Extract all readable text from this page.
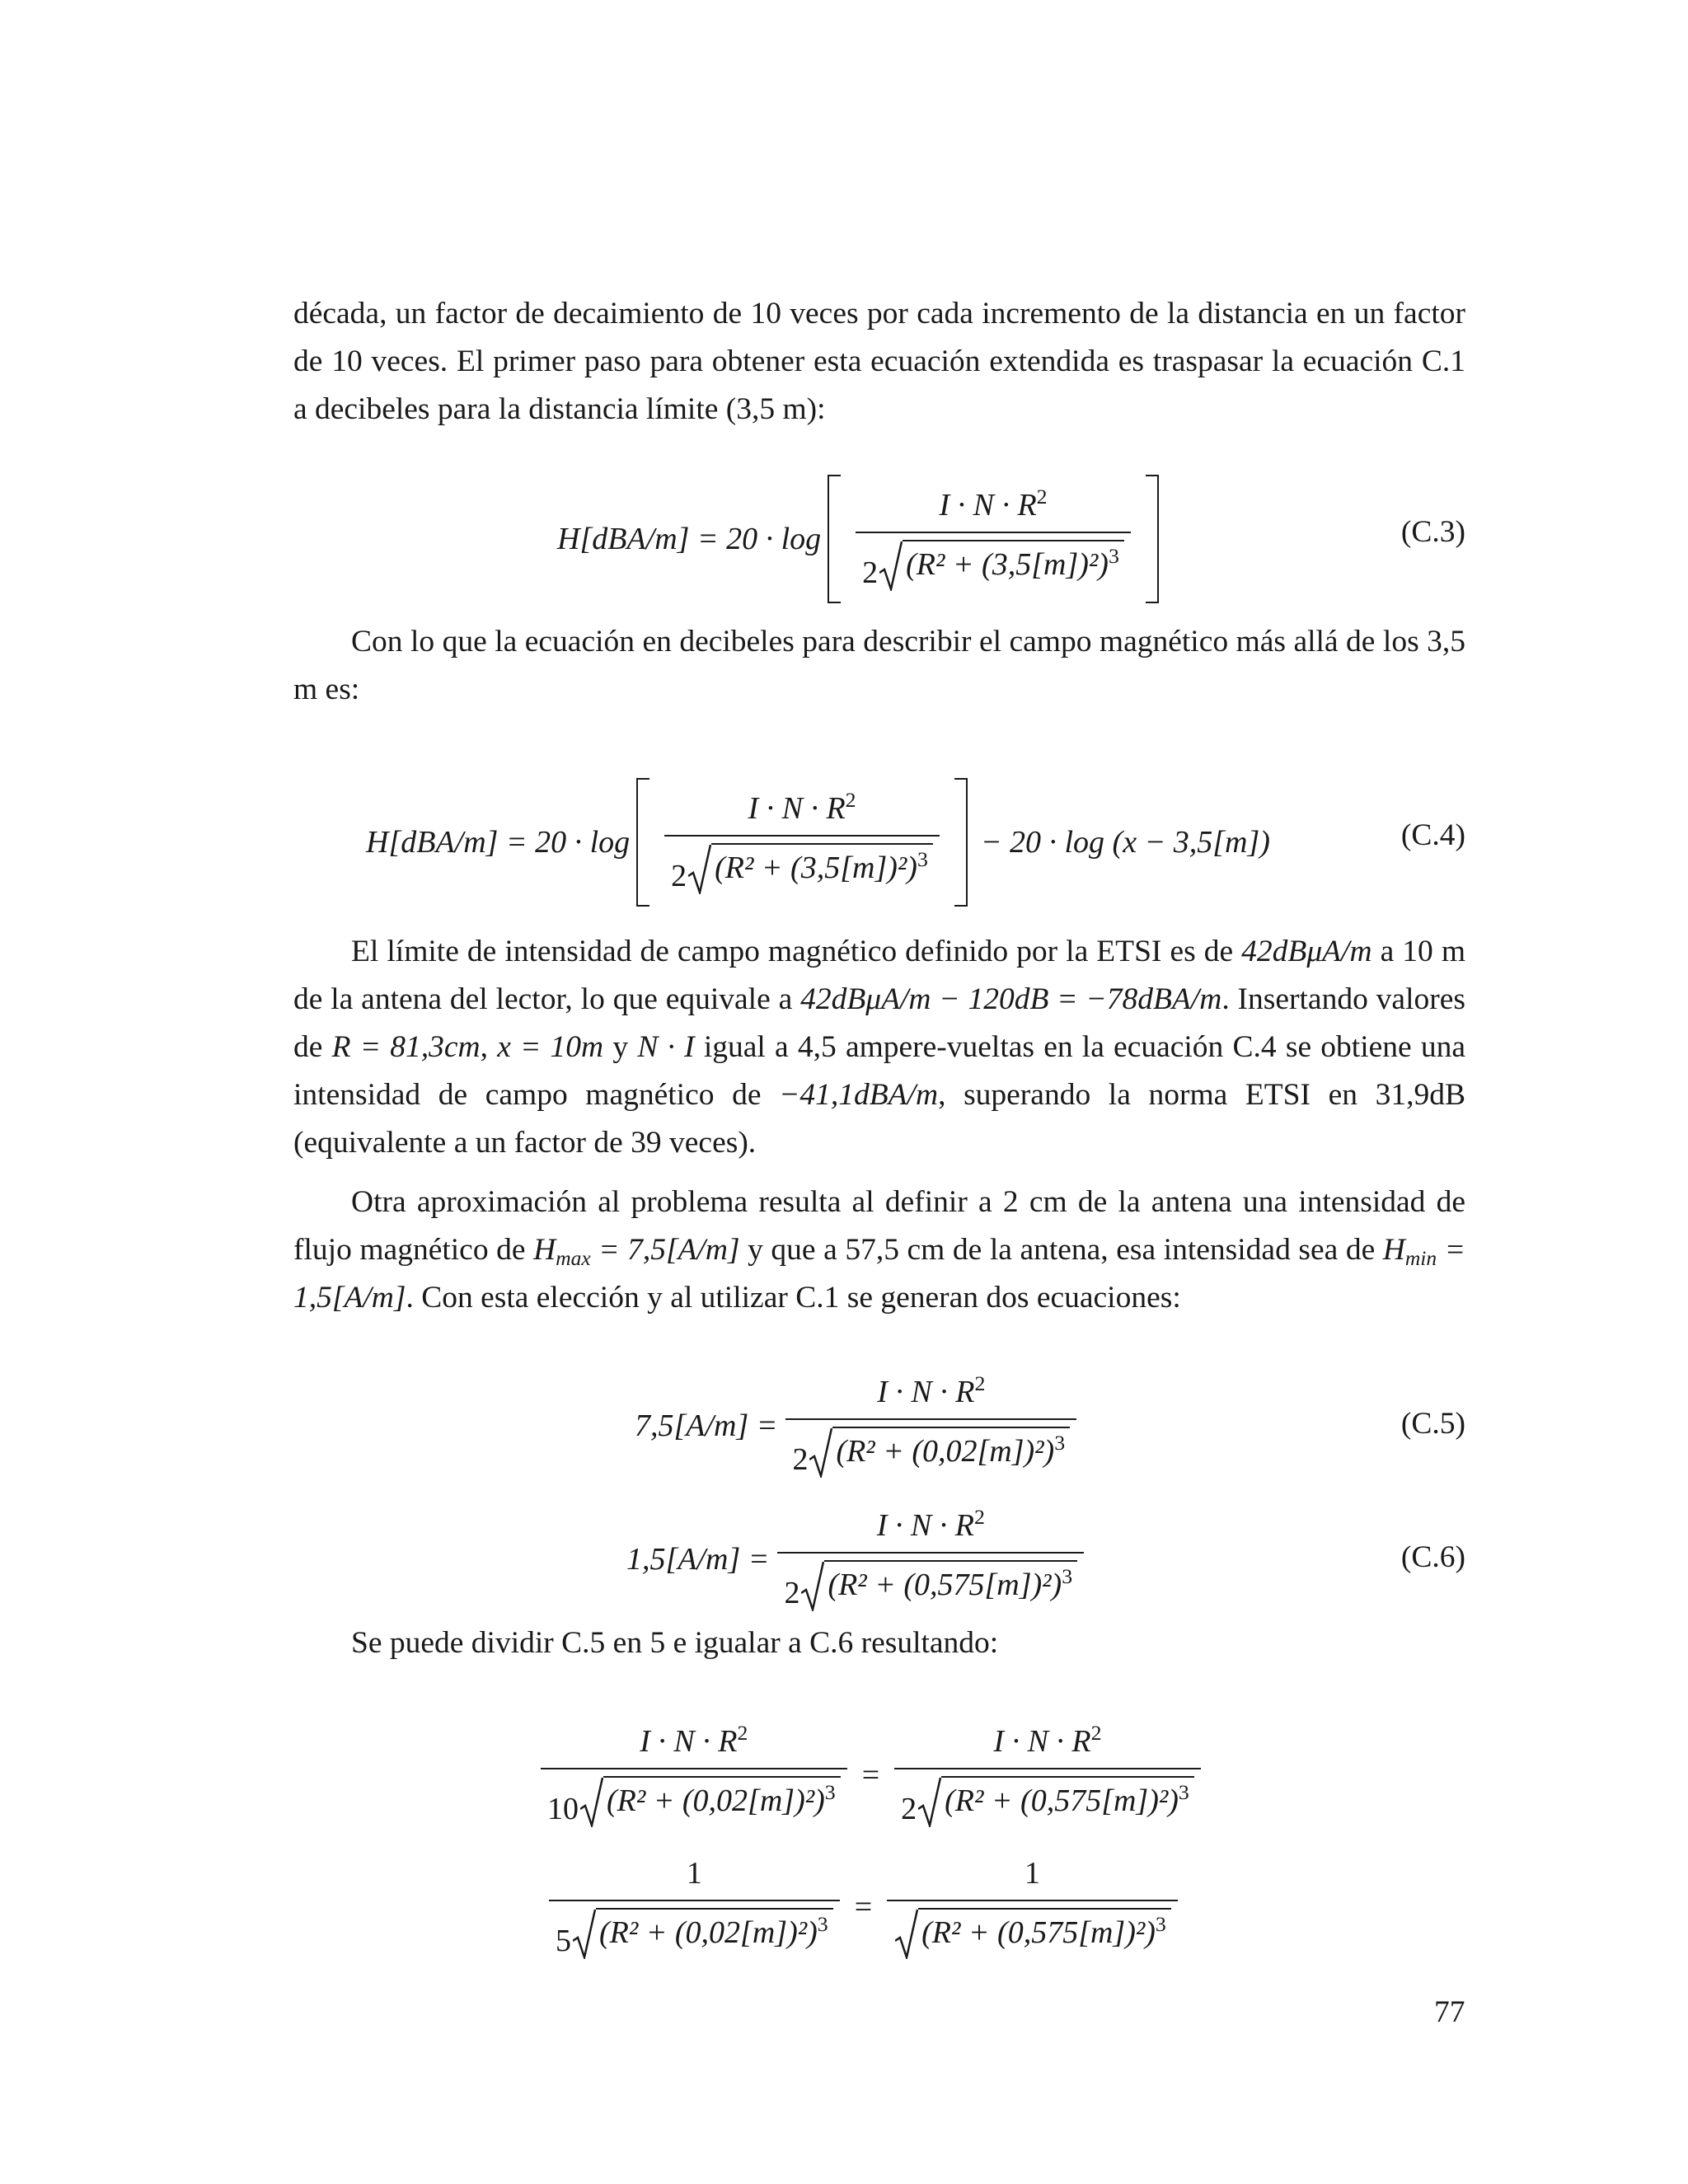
década, un factor de decaimiento de 10 veces por cada incremento de la distancia en un factor de 10 veces. El primer paso para obtener esta ecuación extendida es traspasar la ecuación C.1 a decibeles para la distancia límite (3,5 m):

$H[dBA/m] = 20 \cdot \log \frac{I \cdot N \cdot R^2}{2 (R^2 + (3,5[m])^2)^3}$	(C.3)

Con lo que la ecuación en decibeles para describir el campo magnético más allá de los 3,5 m es:

$H[dBA/m] = 20 \cdot \log \frac{I \cdot N \cdot R^2}{2 (R^2 + (3,5[m])^2)^3} - 20 \cdot \log (x - 3,5[m])$	(C.4)

El límite de intensidad de campo magnético definido por la ETSI es de 42dBμA/m a 10 m de la antena del lector, lo que equivale a 42dBμA/m − 120dB = −78dBA/m. Insertando valores de R = 81,3cm, x = 10m y N · I igual a 4,5 ampere-vueltas en la ecuación C.4 se obtiene una intensidad de campo magnético de −41,1dBA/m, superando la norma ETSI en 31,9dB (equivalente a un factor de 39 veces).

Otra aproximación al problema resulta al definir a 2 cm de la antena una intensidad de flujo magnético de $H_{max} = 7,5[A/m]$ y que a 57,5 cm de la antena, esa intensidad sea de $H_{min} = 1,5[A/m]$. Con esta elección y al utilizar C.1 se generan dos ecuaciones:

$7,5[A/m] = \frac{I \cdot N \cdot R^2}{2 (R^2 + (0,02[m])^2)^3}$	(C.5)
$1,5[A/m] = \frac{I \cdot N \cdot R^2}{2 (R^2 + (0,575[m])^2)^3}$	(C.6)

Se puede dividir C.5 en 5 e igualar a C.6 resultando:

$\frac{I \cdot N \cdot R^2}{10 (R^2 + (0,02[m])^2)^3} = \frac{I \cdot N \cdot R^2}{2 (R^2 + (0,575[m])^2)^3}$
$\frac{1}{5 (R^2 + (0,02[m])^2)^3} = \frac{1}{(R^2 + (0,575[m])^2)^3}$
77
